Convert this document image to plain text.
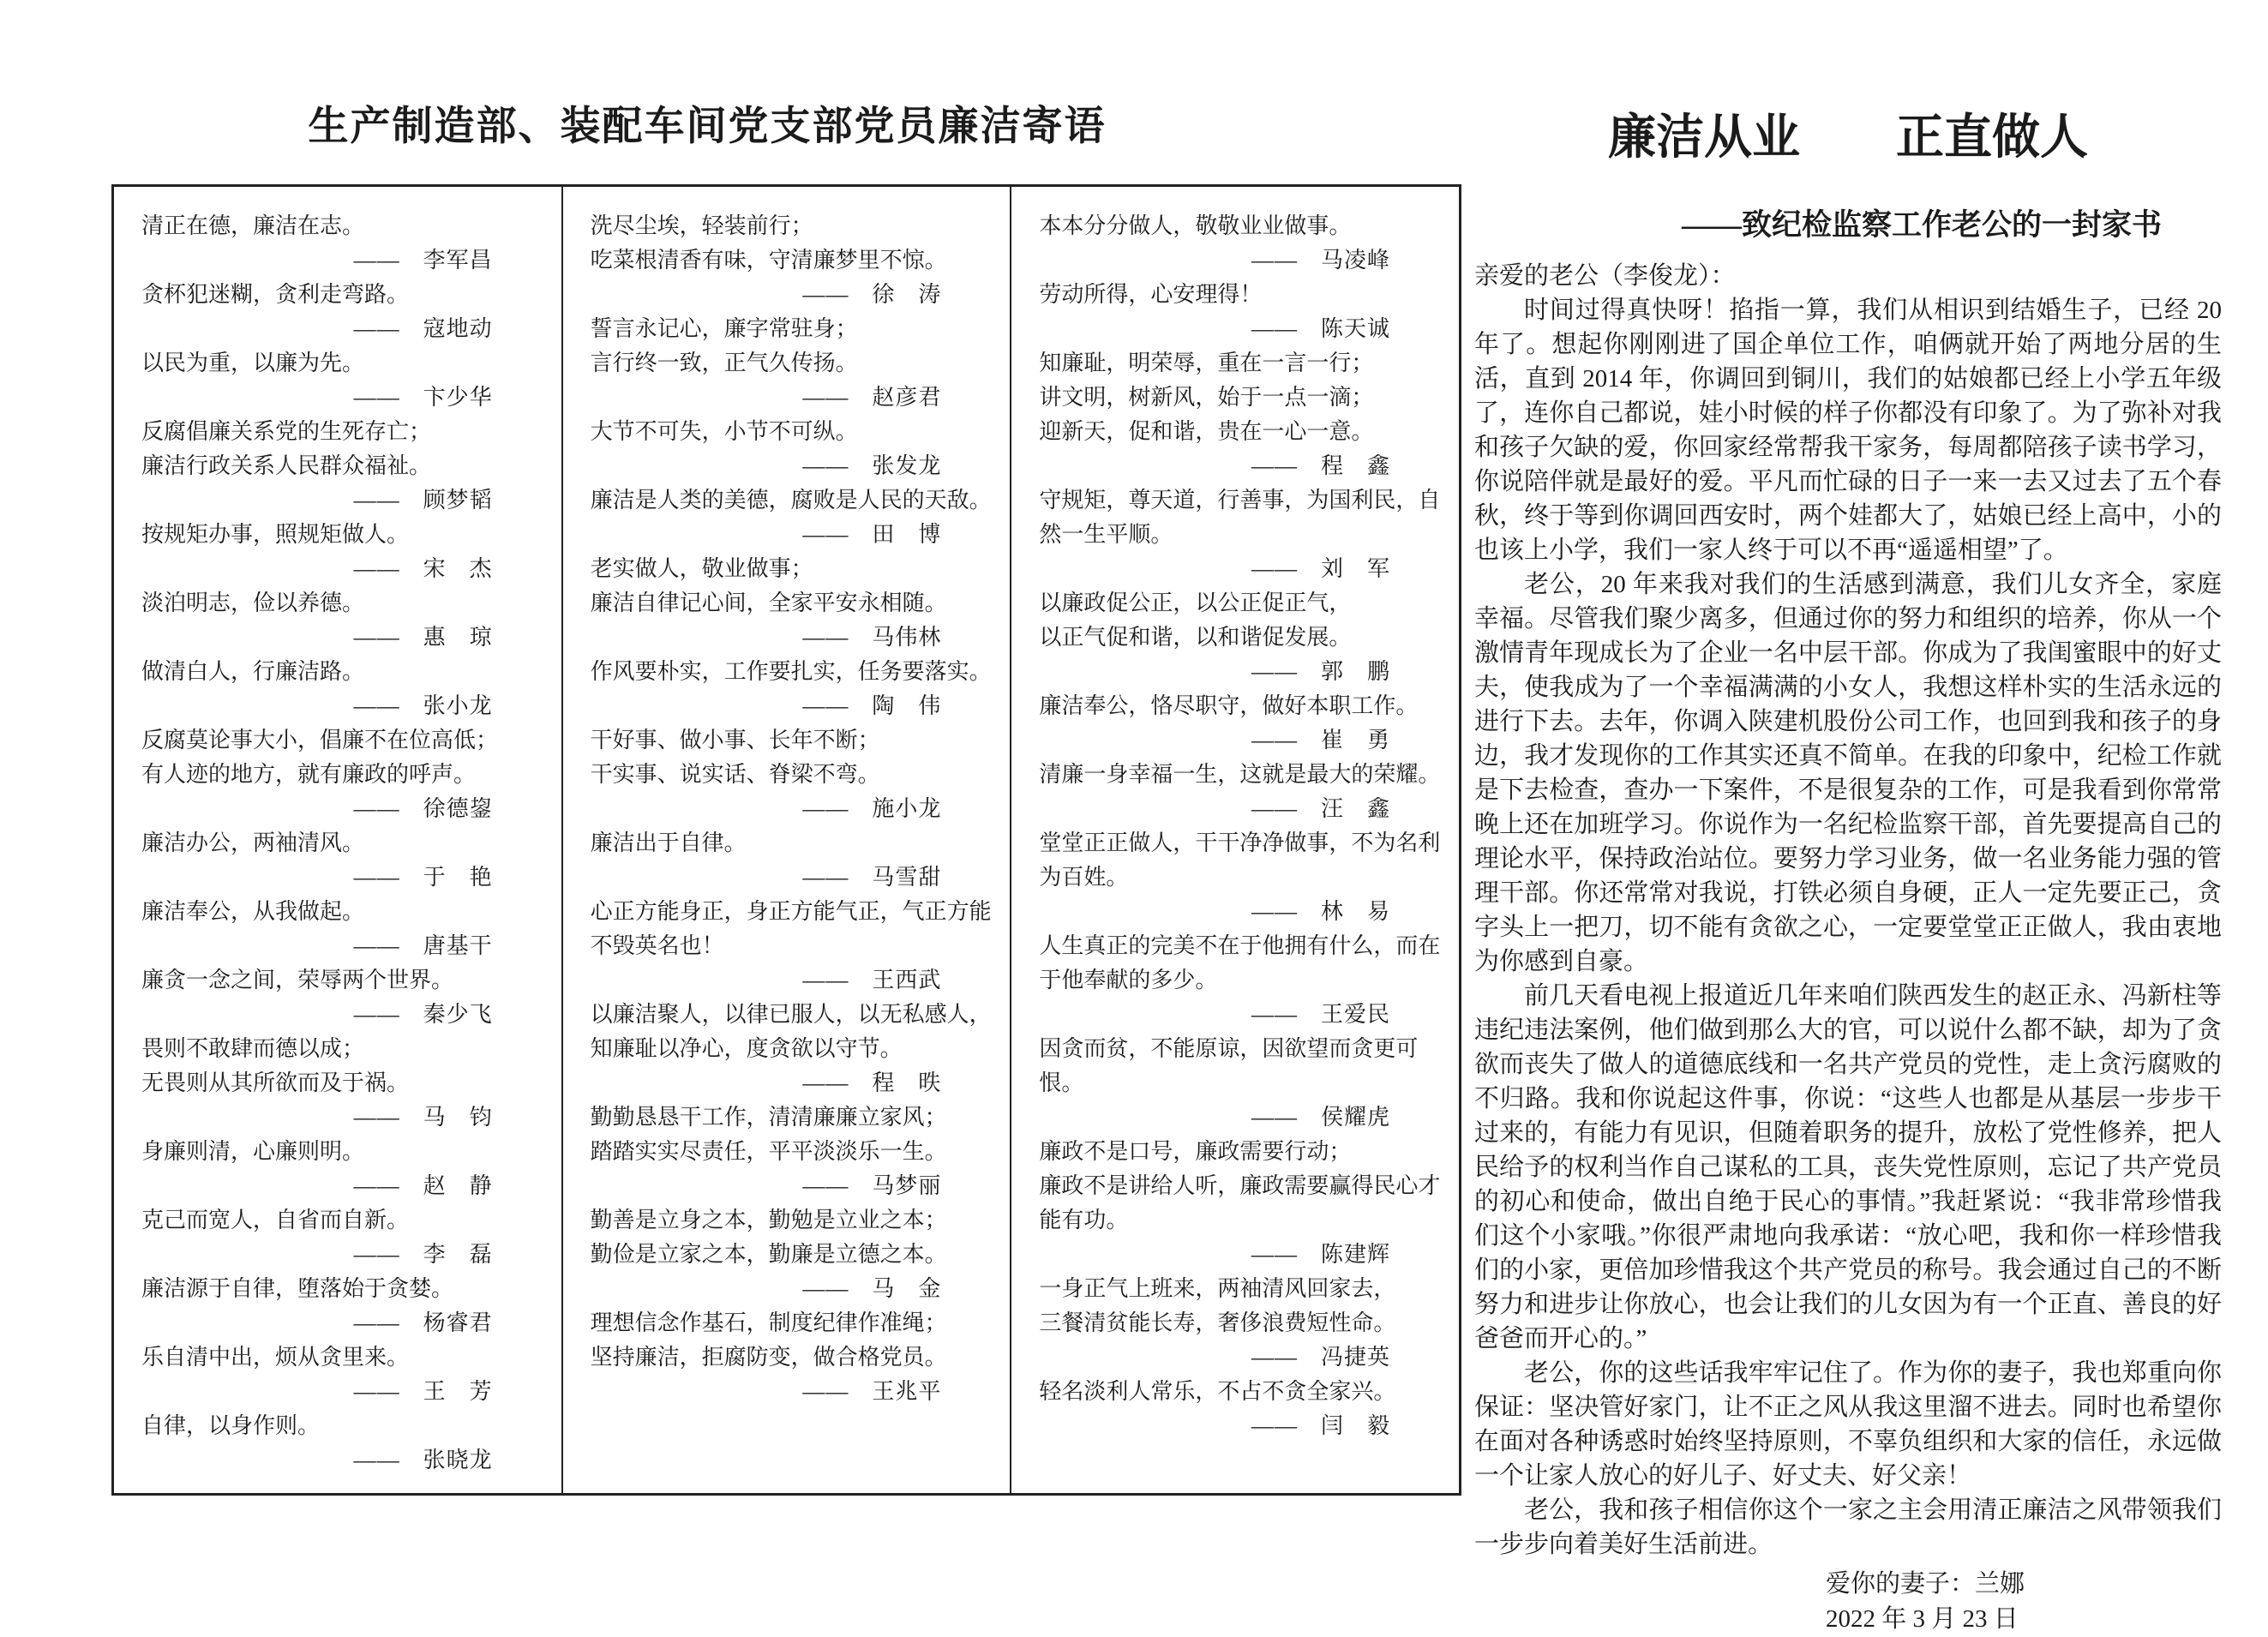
生产制造部、装配车间党支部党员廉洁寄语
清正在德，廉洁在志。
——　李军昌
贪杯犯迷糊，贪利走弯路。
——　寇地动
以民为重，以廉为先。
——　卞少华
反腐倡廉关系党的生死存亡；
廉洁行政关系人民群众福祉。
——　顾梦韬
按规矩办事，照规矩做人。
——　宋　杰
淡泊明志，俭以养德。
——　惠　琼
做清白人，行廉洁路。
——　张小龙
反腐莫论事大小，倡廉不在位高低；
有人迹的地方，就有廉政的呼声。
——　徐德鋆
廉洁办公，两袖清风。
——　于　艳
廉洁奉公，从我做起。
——　唐基干
廉贪一念之间，荣辱两个世界。
——　秦少飞
畏则不敢肆而德以成；
无畏则从其所欲而及于祸。
——　马　钧
身廉则清，心廉则明。
——　赵　静
克己而宽人，自省而自新。
——　李　磊
廉洁源于自律，堕落始于贪婪。
——　杨睿君
乐自清中出，烦从贪里来。
——　王　芳
自律，以身作则。
——　张晓龙
洗尽尘埃，轻装前行；
吃菜根清香有味，守清廉梦里不惊。
——　徐　涛
誓言永记心，廉字常驻身；
言行终一致，正气久传扬。
——　赵彦君
大节不可失，小节不可纵。
——　张发龙
廉洁是人类的美德，腐败是人民的天敌。
——　田　博
老实做人，敬业做事；
廉洁自律记心间，全家平安永相随。
——　马伟林
作风要朴实，工作要扎实，任务要落实。
——　陶　伟
干好事、做小事、长年不断；
干实事、说实话、脊梁不弯。
——　施小龙
廉洁出于自律。
——　马雪甜
心正方能身正，身正方能气正，气正方能不毁英名也！
——　王西武
以廉洁聚人，以律已服人，以无私感人，
知廉耻以净心，度贪欲以守节。
——　程　昳
勤勤恳恳干工作，清清廉廉立家风；
踏踏实实尽责任，平平淡淡乐一生。
——　马梦丽
勤善是立身之本，勤勉是立业之本；
勤俭是立家之本，勤廉是立德之本。
——　马　金
理想信念作基石，制度纪律作准绳；
坚持廉洁，拒腐防变，做合格党员。
——　王兆平
本本分分做人，敬敬业业做事。
——　马凌峰
劳动所得，心安理得！
——　陈天诚
知廉耻，明荣辱，重在一言一行；
讲文明，树新风，始于一点一滴；
迎新天，促和谐，贵在一心一意。
——　程　鑫
守规矩，尊天道，行善事，为国利民，自然一生平顺。
——　刘　军
以廉政促公正，以公正促正气，
以正气促和谐，以和谐促发展。
——　郭　鹏
廉洁奉公，恪尽职守，做好本职工作。
——　崔　勇
清廉一身幸福一生，这就是最大的荣耀。
——　汪　鑫
堂堂正正做人，干干净净做事，不为名利为百姓。
——　林　易
人生真正的完美不在于他拥有什么，而在于他奉献的多少。
——　王爱民
因贪而贫，不能原谅，因欲望而贪更可恨。
——　侯耀虎
廉政不是口号，廉政需要行动；
廉政不是讲给人听，廉政需要赢得民心才能有功。
——　陈建辉
一身正气上班来，两袖清风回家去，
三餐清贫能长寿，奢侈浪费短性命。
——　冯捷英
轻名淡利人常乐，不占不贪全家兴。
——　闫　毅
廉洁从业　　正直做人
——致纪检监察工作老公的一封家书

亲爱的老公（李俊龙）：

时间过得真快呀！掐指一算，我们从相识到结婚生子，已经 20 年了。想起你刚刚进了国企单位工作，咱俩就开始了两地分居的生活，直到 2014 年，你调回到铜川，我们的姑娘都已经上小学五年级了，连你自己都说，娃小时候的样子你都没有印象了。为了弥补对我和孩子欠缺的爱，你回家经常帮我干家务，每周都陪孩子读书学习，你说陪伴就是最好的爱。平凡而忙碌的日子一来一去又过去了五个春秋，终于等到你调回西安时，两个娃都大了，姑娘已经上高中，小的也该上小学，我们一家人终于可以不再“遥遥相望”了。

老公，20 年来我对我们的生活感到满意，我们儿女齐全，家庭幸福。尽管我们聚少离多，但通过你的努力和组织的培养，你从一个激情青年现成长为了企业一名中层干部。你成为了我闺蜜眼中的好丈夫，使我成为了一个幸福满满的小女人，我想这样朴实的生活永远的进行下去。去年，你调入陕建机股份公司工作，也回到我和孩子的身边，我才发现你的工作其实还真不简单。在我的印象中，纪检工作就是下去检查，查办一下案件，不是很复杂的工作，可是我看到你常常晚上还在加班学习。你说作为一名纪检监察干部，首先要提高自己的理论水平，保持政治站位。要努力学习业务，做一名业务能力强的管理干部。你还常常对我说，打铁必须自身硬，正人一定先要正己，贪字头上一把刀，切不能有贪欲之心，一定要堂堂正正做人，我由衷地为你感到自豪。

前几天看电视上报道近几年来咱们陕西发生的赵正永、冯新柱等违纪违法案例，他们做到那么大的官，可以说什么都不缺，却为了贪欲而丧失了做人的道德底线和一名共产党员的党性，走上贪污腐败的不归路。我和你说起这件事，你说：“这些人也都是从基层一步步干过来的，有能力有见识，但随着职务的提升，放松了党性修养，把人民给予的权利当作自己谋私的工具，丧失党性原则，忘记了共产党员的初心和使命，做出自绝于民心的事情。”我赶紧说：“我非常珍惜我们这个小家哦。”你很严肃地向我承诺：“放心吧，我和你一样珍惜我们的小家，更倍加珍惜我这个共产党员的称号。我会通过自己的不断努力和进步让你放心，也会让我们的儿女因为有一个正直、善良的好爸爸而开心的。”

老公，你的这些话我牢牢记住了。作为你的妻子，我也郑重向你保证：坚决管好家门，让不正之风从我这里溜不进去。同时也希望你在面对各种诱惑时始终坚持原则，不辜负组织和大家的信任，永远做一个让家人放心的好儿子、好丈夫、好父亲！

老公，我和孩子相信你这个一家之主会用清正廉洁之风带领我们一步步向着美好生活前进。

爱你的妻子：兰娜
2022 年 3 月 23 日
